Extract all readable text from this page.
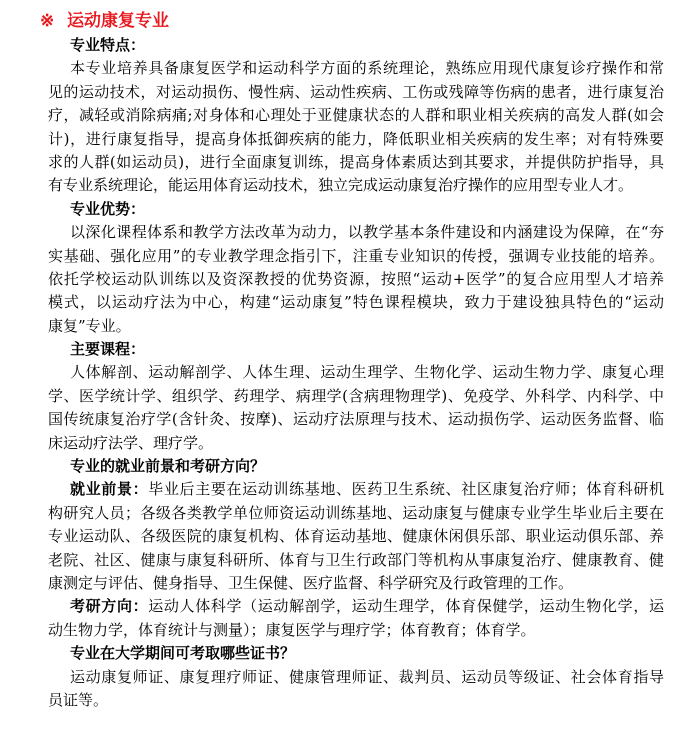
※ 运动康复专业
专业特点：
本专业培养具备康复医学和运动科学方面的系统理论，熟练应用现代康复诊疗操作和常
见的运动技术，对运动损伤、慢性病、运动性疾病、工伤或残障等伤病的患者，进行康复治
疗，减轻或消除病痛;对身体和心理处于亚健康状态的人群和职业相关疾病的高发人群(如会
计)，进行康复指导，提高身体抵御疾病的能力，降低职业相关疾病的发生率；对有特殊要
求的人群(如运动员)，进行全面康复训练，提高身体素质达到其要求，并提供防护指导，具
有专业系统理论，能运用体育运动技术，独立完成运动康复治疗操作的应用型专业人才。
专业优势：
以深化课程体系和教学方法改革为动力，以教学基本条件建设和内涵建设为保障，在“夯
实基础、强化应用”的专业教学理念指引下，注重专业知识的传授，强调专业技能的培养。
依托学校运动队训练以及资深教授的优势资源，按照“运动+医学”的复合应用型人才培养
模式，以运动疗法为中心，构建“运动康复”特色课程模块，致力于建设独具特色的“运动
康复”专业。
主要课程：
人体解剖、运动解剖学、人体生理、运动生理学、生物化学、运动生物力学、康复心理
学、医学统计学、组织学、药理学、病理学(含病理物理学)、免疫学、外科学、内科学、中
国传统康复治疗学(含针灸、按摩)、运动疗法原理与技术、运动损伤学、运动医务监督、临
床运动疗法学、理疗学。
专业的就业前景和考研方向？
就业前景：毕业后主要在运动训练基地、医药卫生系统、社区康复治疗师；体育科研机
构研究人员；各级各类教学单位师资运动训练基地、运动康复与健康专业学生毕业后主要在
专业运动队、各级医院的康复机构、体育运动基地、健康休闲俱乐部、职业运动俱乐部、养
老院、社区、健康与康复科研所、体育与卫生行政部门等机构从事康复治疗、健康教育、健
康测定与评估、健身指导、卫生保健、医疗监督、科学研究及行政管理的工作。
考研方向：运动人体科学（运动解剖学，运动生理学，体育保健学，运动生物化学，运
动生物力学，体育统计与测量）；康复医学与理疗学；体育教育；体育学。
专业在大学期间可考取哪些证书？
运动康复师证、康复理疗师证、健康管理师证、裁判员、运动员等级证、社会体育指导
员证等。
